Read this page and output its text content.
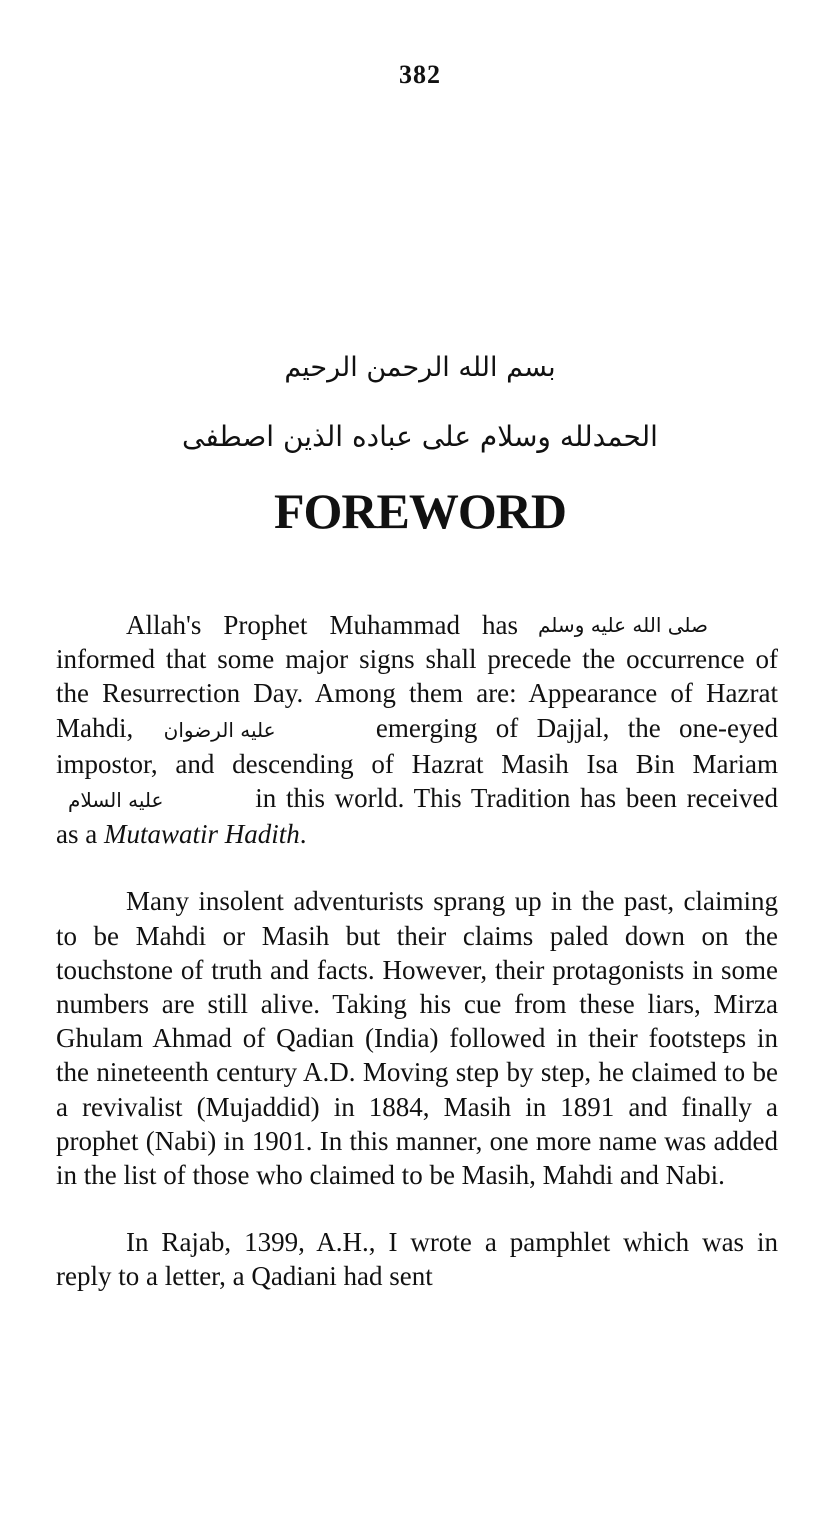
382
بسم الله الرحمن الرحيم
الحمدلله وسلام على عباده الذين اصطفى
FOREWORD

صلى الله عليه وسلم
Allah's Prophet Muhammad has informed that some major signs shall precede the occurrence of the Resurrection Day. Among them are: Appearance of Hazrat Mahdi, عليه الرضوان	emerging of Dajjal, the one-eyed impostor, and descending of Hazrat Masih Isa Bin Mariam عليه السلام	in this world. This Tradition has been received as a Mutawatir Hadith.

Many insolent adventurists sprang up in the past, claiming to be Mahdi or Masih but their claims paled down on the touchstone of truth and facts. However, their protagonists in some numbers are still alive. Taking his cue from these liars, Mirza Ghulam Ahmad of Qadian (India) followed in their footsteps in the nineteenth century A.D. Moving step by step, he claimed to be a revivalist (Mujaddid) in 1884, Masih in 1891 and finally a prophet (Nabi) in 1901. In this manner, one more name was added in the list of those who claimed to be Masih, Mahdi and Nabi.

In Rajab, 1399, A.H., I wrote a pamphlet which was in reply to a letter, a Qadiani had sent
